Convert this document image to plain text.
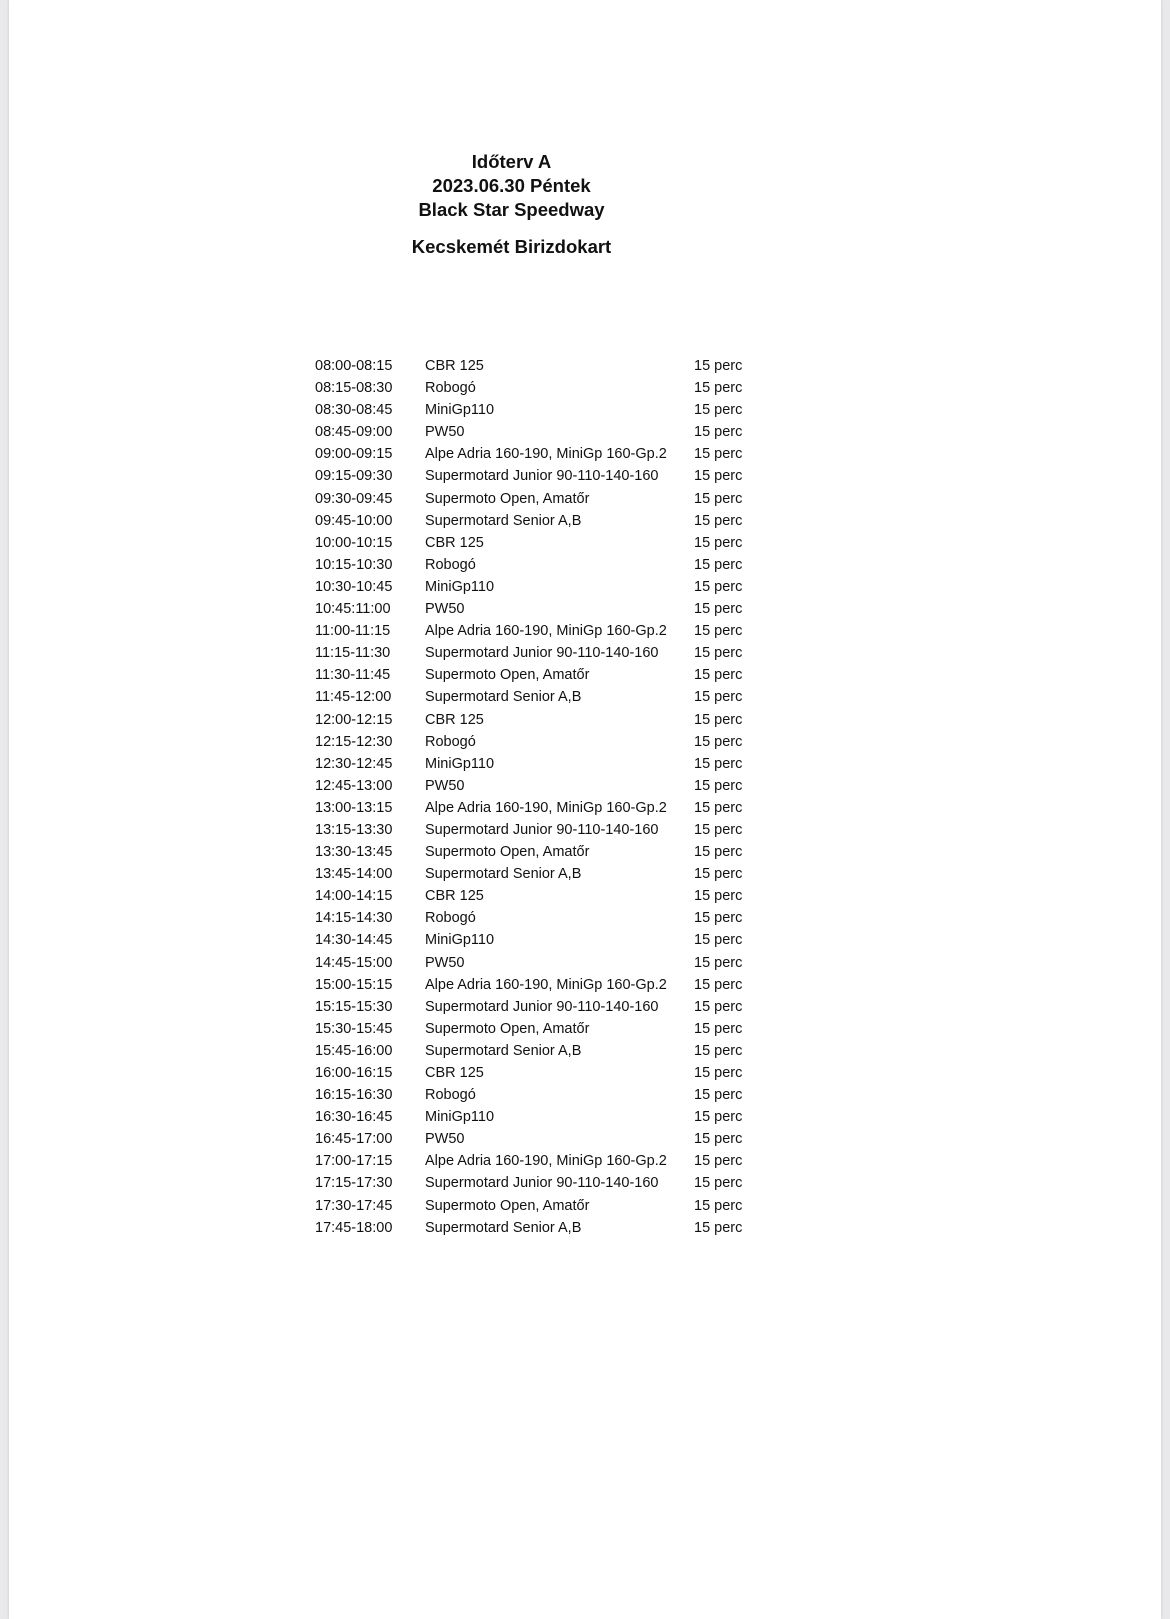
Időterv A
2023.06.30 Péntek
Black Star Speedway
Kecskemét Birizdokart
08:00-08:15 CBR 125	15 perc
08:15-08:30 Robogó	15 perc
08:30-08:45 MiniGp110	15 perc
08:45-09:00 PW50	15 perc
09:00-09:15 Alpe Adria 160-190, MiniGp 160-Gp.2 15 perc
09:15-09:30 Supermotard Junior 90-110-140-160 15 perc
09:30-09:45 Supermoto Open, Amatőr	15 perc
09:45-10:00 Supermotard Senior A,B	15 perc
10:00-10:15 CBR 125	15 perc
10:15-10:30 Robogó	15 perc
10:30-10:45 MiniGp110	15 perc
10:45:11:00 PW50	15 perc
11:00-11:15 Alpe Adria 160-190, MiniGp 160-Gp.2 15 perc
11:15-11:30 Supermotard Junior 90-110-140-160 15 perc
11:30-11:45 Supermoto Open, Amatőr	15 perc
11:45-12:00 Supermotard Senior A,B	15 perc
12:00-12:15 CBR 125	15 perc
12:15-12:30 Robogó	15 perc
12:30-12:45 MiniGp110	15 perc
12:45-13:00 PW50	15 perc
13:00-13:15 Alpe Adria 160-190, MiniGp 160-Gp.2 15 perc
13:15-13:30 Supermotard Junior 90-110-140-160 15 perc
13:30-13:45 Supermoto Open, Amatőr	15 perc
13:45-14:00 Supermotard Senior A,B	15 perc
14:00-14:15 CBR 125	15 perc
14:15-14:30 Robogó	15 perc
14:30-14:45 MiniGp110	15 perc
14:45-15:00 PW50	15 perc
15:00-15:15 Alpe Adria 160-190, MiniGp 160-Gp.2 15 perc
15:15-15:30 Supermotard Junior 90-110-140-160 15 perc
15:30-15:45 Supermoto Open, Amatőr	15 perc
15:45-16:00 Supermotard Senior A,B	15 perc
16:00-16:15 CBR 125	15 perc
16:15-16:30 Robogó	15 perc
16:30-16:45 MiniGp110	15 perc
16:45-17:00 PW50	15 perc
17:00-17:15 Alpe Adria 160-190, MiniGp 160-Gp.2 15 perc
17:15-17:30 Supermotard Junior 90-110-140-160 15 perc
17:30-17:45 Supermoto Open, Amatőr	15 perc
17:45-18:00 Supermotard Senior A,B	15 perc
